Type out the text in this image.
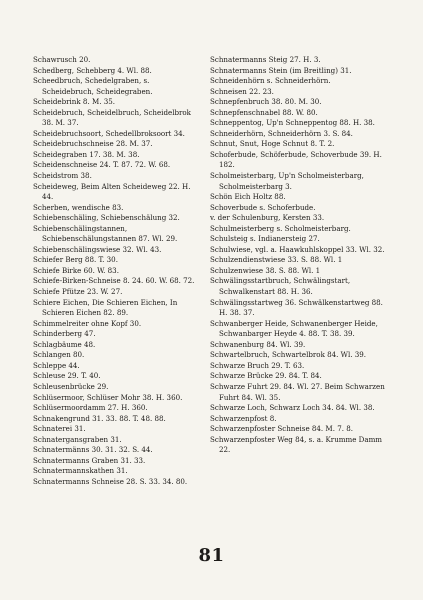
Schawrusch 20.
Schedberg, Schebberg 4. Wl. 88.
Scheedbruch, Schedelgraben, s. Scheidebruch, Scheidegraben.
Scheidebrink 8. M. 35.
Scheidebruch, Scheidelbruch, Scheidelbrok 38. M. 37.
Scheidebruchsoort, Schedellbroksoort 34.
Scheidebruchschneise 28. M. 37.
Scheidegraben 17. 38. M. 38.
Scheidenschneise 24. T. 87. 72. W. 68.
Scheidstrom 38.
Scheideweg, Beim Alten Scheideweg 22. H. 44.
Scherben, wendische 83.
Schiebenschäling, Schiebenschälung 32.
Schiebenschälingstannen, Schiebenschälungstannen 87. Wl. 29.
Schiebenschälingswiese 32. Wl. 43.
Schiefer Berg 88. T. 30.
Schiefe Birke 60. W. 83.
Schiefe-Birken-Schneise 8. 24. 60. W. 68. 72.
Schiefe Pfütze 23. W. 27.
Schiere Eichen, Die Schieren Eichen, In Schieren Eichen 82. 89.
Schimmelreiter ohne Kopf 30.
Schinderberg 47.
Schlagbäume 48.
Schlangen 80.
Schleppe 44.
Schleuse 29. T. 40.
Schleusenbrücke 29.
Schlüsermoor, Schlüser Mohr 38. H. 360.
Schlüsermoordamm 27. H. 360.
Schnakengrund 31. 33. 88. T. 48. 88.
Schnaterei 31.
Schnatergansgraben 31.
Schnatermänns 30. 31. 32. S. 44.
Schnatermanns Graben 31. 33.
Schnatermannskathen 31.
Schnatermanns Schneise 28. S. 33. 34. 80.
Schnatermanns Steig 27. H. 3.
Schnatermanns Stein (im Breitling) 31.
Schneidenhörn s. Schneiderhörn.
Schneisen 22. 23.
Schnepfenbruch 38. 80. M. 30.
Schnepfenschnabel 88. W. 80.
Schneppentog, Up'n Schneppentog 88. H. 38.
Schneiderhörn, Schneiderhörn 3. S. 84.
Schnut, Snut, Hoge Schnut 8. T. 2.
Schoferbude, Schöferbude, Schoverbude 39. H. 182.
Scholmeisterbarg, Up'n Scholmeisterbarg, Scholmeisterbarg 3.
Schön Eich Holtz 88.
Schoverbude s. Schoferbude.
v. der Schulenburg, Kersten 33.
Schulmeisterberg s. Scholmeisterbarg.
Schulsteig s. Indianersteig 27.
Schulwiese, vgl. a. Haawkuhlskoppel 33. Wl. 32.
Schulzendienstwiese 33. S. 88. Wl. 1
Schulzenwiese 38. S. 88. Wl. 1
Schwälingsstartbruch, Schwälingstart, Schwalkenstart 88. H. 36.
Schwälingsstartweg 36. Schwälkenstartweg 88. H. 38. 37.
Schwanberger Heide, Schwanenberger Heide, Schwanbarger Heyde 4. 88. T. 38. 39.
Schwanenburg 84. Wl. 39.
Schwartelbruch, Schwartelbrok 84. Wl. 39.
Schwarze Bruch 29. T. 63.
Schwarze Brücke 29. 84. T. 84.
Schwarze Fuhrt 29. 84. Wl. 27. Beim Schwarzen Fuhrt 84. Wl. 35.
Schwarze Loch, Schwarz Loch 34. 84. Wl. 38.
Schwarzenpfost 8.
Schwarzenpfoster Schneise 84. M. 7. 8.
Schwarzenpfoster Weg 84, s. a. Krumme Damm 22.
81
